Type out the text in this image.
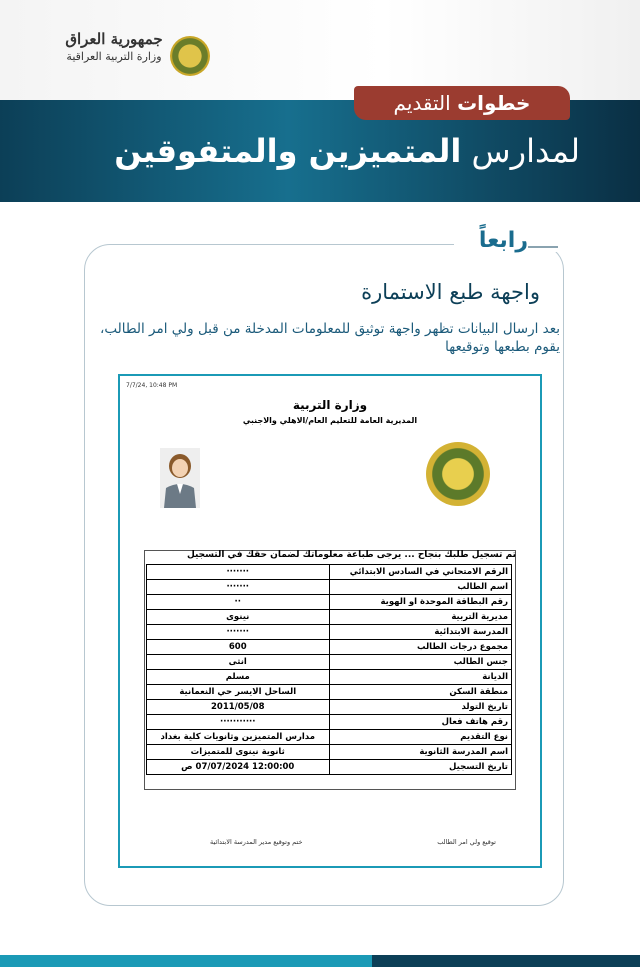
جمهورية العراق
وزارة التربية العراقية
خطوات التقديم
لمدارس المتميزين والمتفوقين
رابعاً
واجهة طبع الاستمارة
بعد ارسال البيانات تظهر واجهة توثيق للمعلومات المدخلة من قبل ولي امر الطالب، يقوم بطبعها وتوقيعها
7/7/24, 10:48 PM
وزارة التربية
المديرية العامة للتعليم العام/الاهلي والاجنبي
تم تسجيل طلبك بنجاح ... يرجى طباعة معلوماتك لضمان حقك في التسجيل
الرقم الامتحاني في السادس الابتدائي	·······
اسم الطالب	·······
رقم البطاقة الموحدة او الهوية	··
مديرية التربية	نينوى
المدرسة الابتدائية	·······
مجموع درجات الطالب	600
جنس الطالب	انثى
الديانة	مسلم
منطقة السكن	الساحل الايسر حي النعمانية
تاريخ التولد	2011/05/08
رقم هاتف فعال	···········
نوع التقديم	مدارس المتميزين وثانويات كلية بغداد
اسم المدرسة الثانوية	ثانوية نينوى للمتميزات
تاريخ التسجيل	12:00:00 07/07/2024 ص
توقيع ولي امر الطالب
ختم وتوقيع مدير المدرسة الابتدائية
